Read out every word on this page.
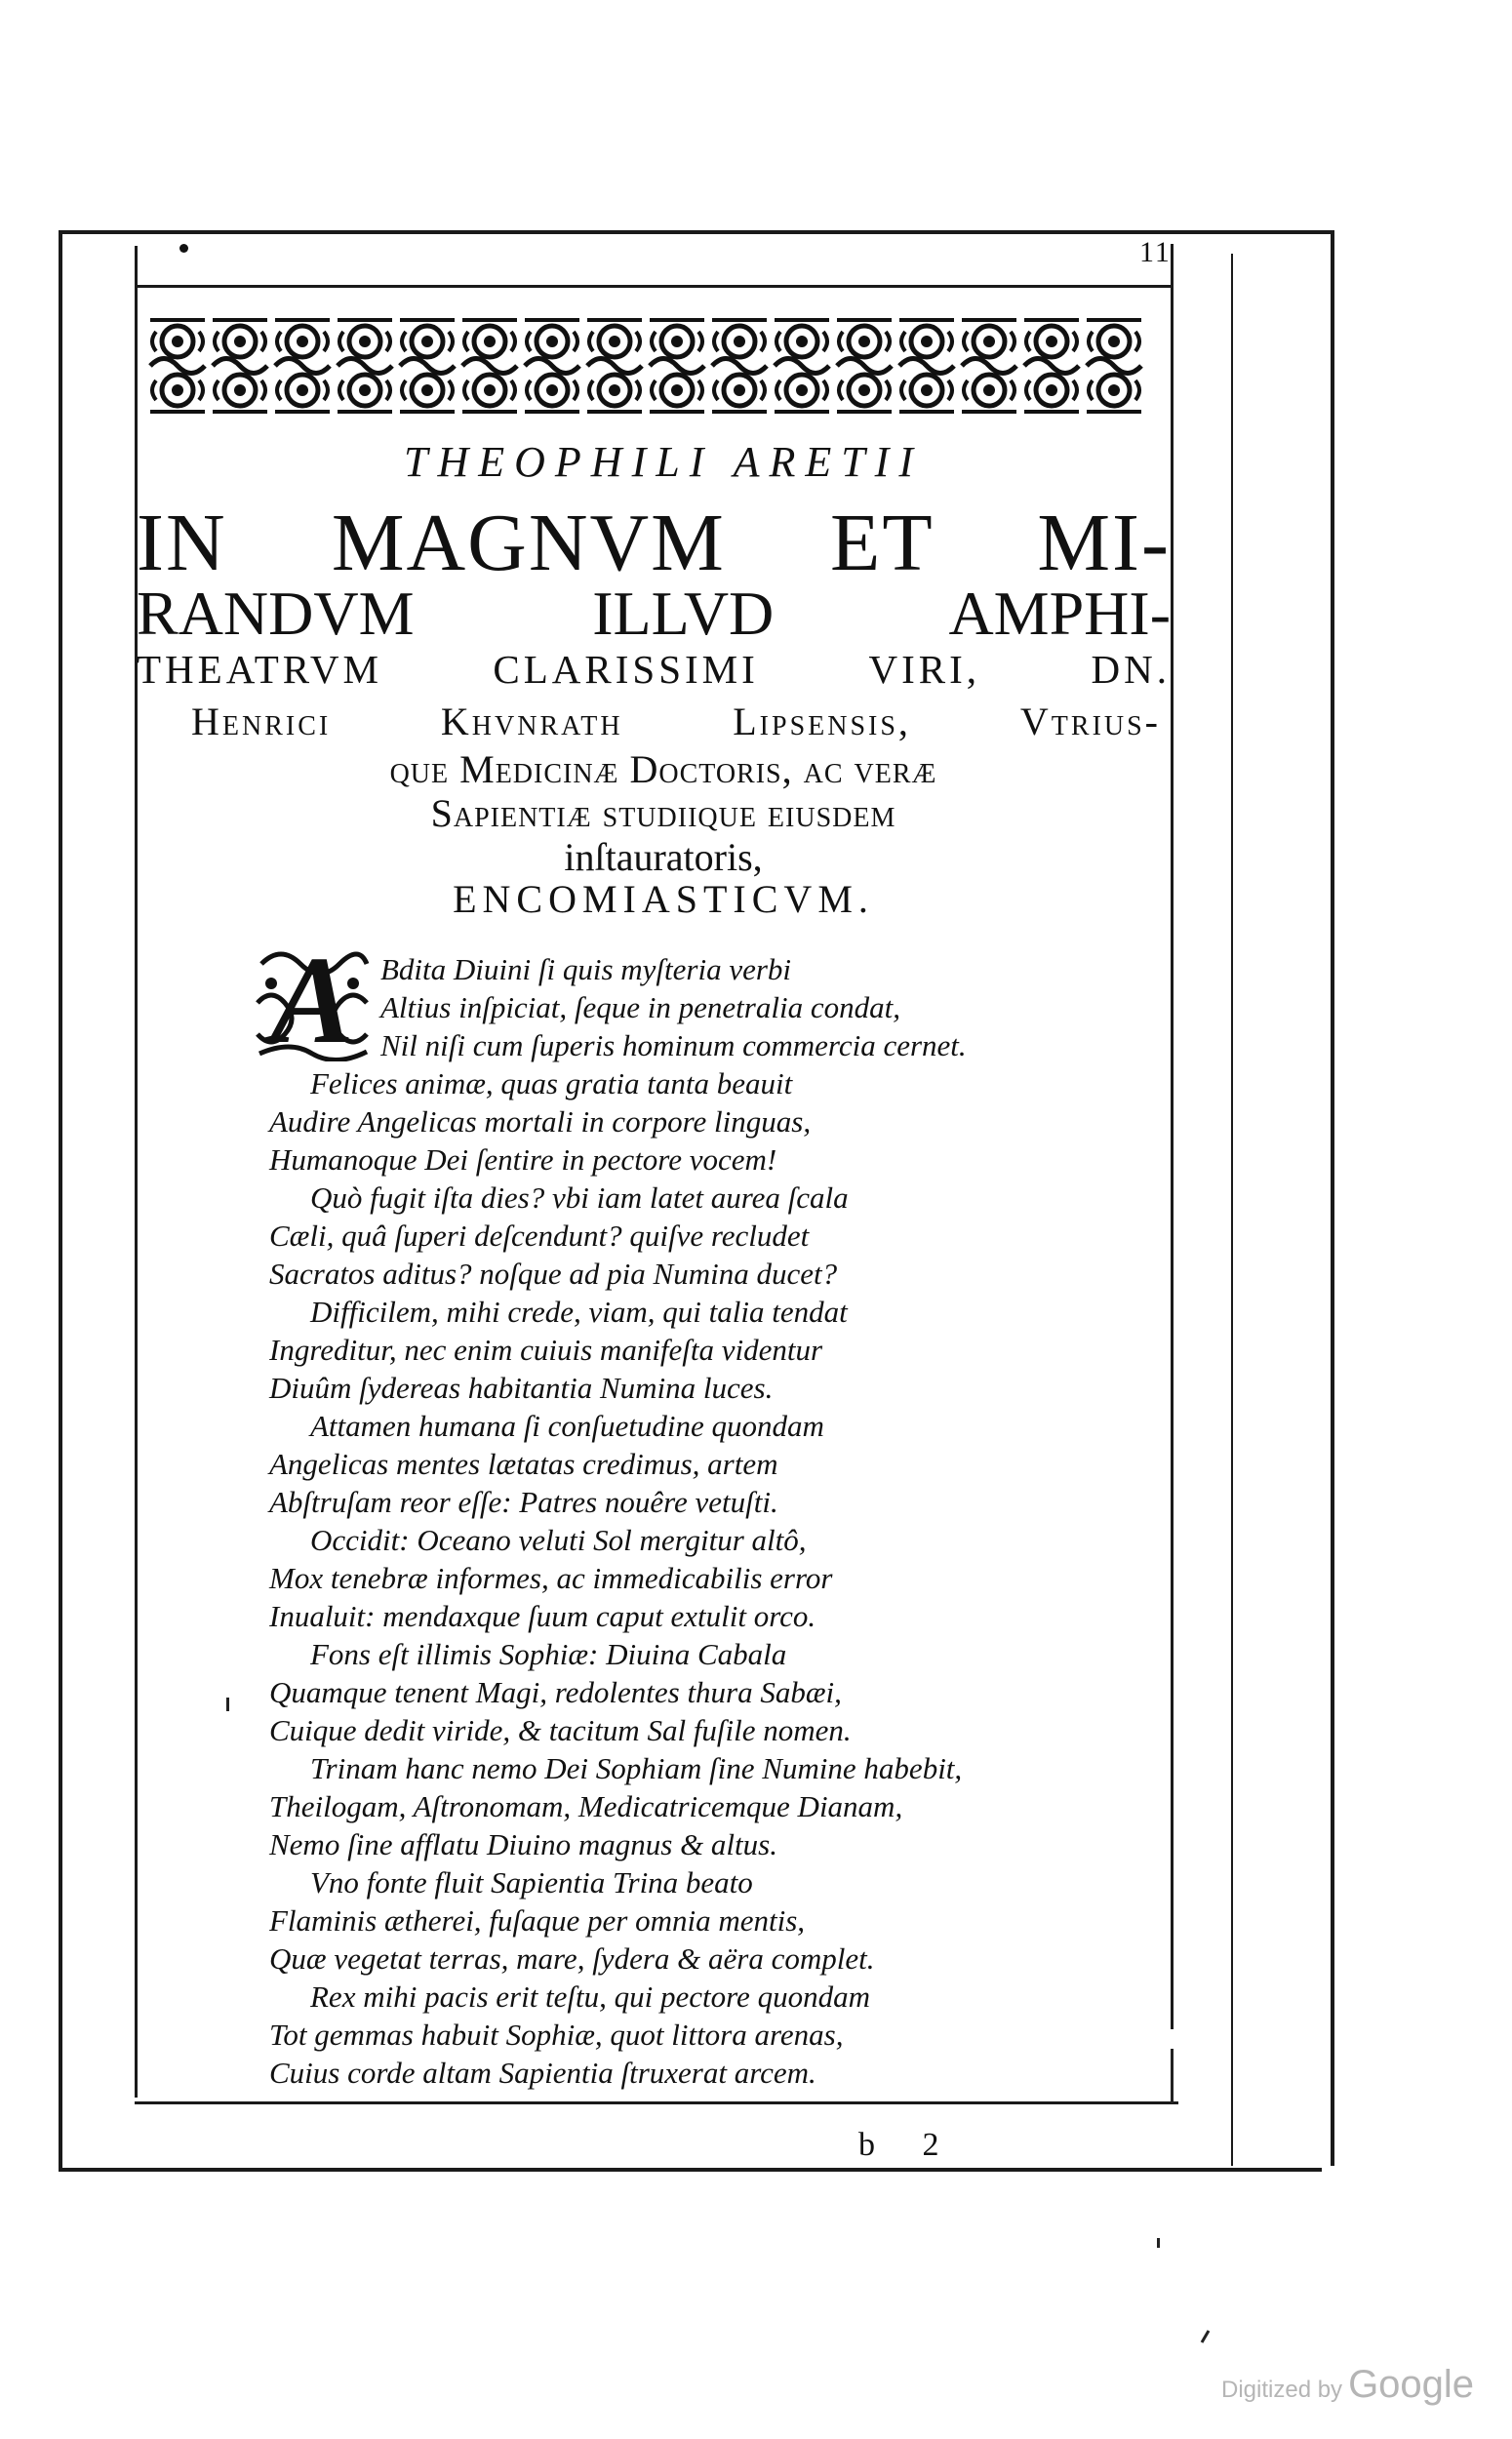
11
THEOPHILI ARETII
IN MAGNVM ET MI-
RANDVM ILLVD AMPHI-
THEATRVM CLARISSIMI VIRI, DN.
Henrici Khvnrath Lipsensis, Vtriuſ-
que Medicinæ Doctoris, ac veræ
Sapientiæ ſtudiique eiuſdem
inſtauratoris,
ENCOMIASTICVM.
A Bdita Diuini ſi quis myſteria verbi
Altius inſpiciat, ſeque in penetralia condat,
Nil niſi cum ſuperis hominum commercia cernet.
Felices animæ, quas gratia tanta beauit
Audire Angelicas mortali in corpore linguas,
Humanoque Dei ſentire in pectore vocem!
Quò fugit iſta dies? vbi iam latet aurea ſcala
Cæli, quâ ſuperi deſcendunt? quiſve recludet
Sacratos aditus? noſque ad pia Numina ducet?
Difficilem, mihi crede, viam, qui talia tendat
Ingreditur, nec enim cuiuis manifeſta videntur
Diuûm ſydereas habitantia Numina luces.
Attamen humana ſi conſuetudine quondam
Angelicas mentes lætatas credimus, artem
Abſtruſam reor eſſe: Patres nouêre vetuſti.
Occidit: Oceano veluti Sol mergitur altô,
Mox tenebræ informes, ac immedicabilis error
Inualuit: mendaxque ſuum caput extulit orco.
Fons eſt illimis Sophiæ: Diuina Cabala
Quamque tenent Magi, redolentes thura Sabæi,
Cuique dedit viride, & tacitum Sal fuſile nomen.
Trinam hanc nemo Dei Sophiam ſine Numine habebit,
Theilogam, Aſtronomam, Medicatricemque Dianam,
Nemo ſine afflatu Diuino magnus & altus.
Vno fonte fluit Sapientia Trina beato
Flaminis ætherei, fuſaque per omnia mentis,
Quæ vegetat terras, mare, ſydera & aëra complet.
Rex mihi pacis erit teſtu, qui pectore quondam
Tot gemmas habuit Sophiæ, quot littora arenas,
Cuius corde altam Sapientia ſtruxerat arcem.
b 2
Digitized by Google
